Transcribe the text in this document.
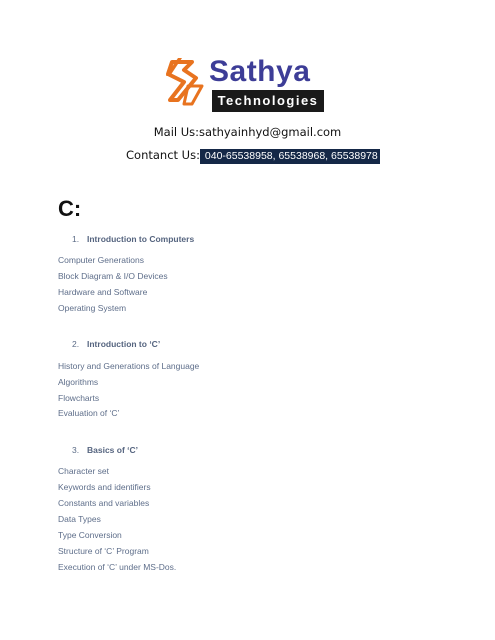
Sathya
Technologies
Mail Us:sathyainhyd@gmail.com
Contanct Us: 040-65538958, 65538968, 65538978
C:
1. Introduction to Computers
Computer Generations
Block Diagram & I/O Devices
Hardware and Software
Operating System
2. Introduction to ‘C’
History and Generations of Language
Algorithms
Flowcharts
Evaluation of ‘C’
3. Basics of ‘C’
Character set
Keywords and identifiers
Constants and variables
Data Types
Type Conversion
Structure of ‘C’ Program
Execution of ‘C’ under MS-Dos.
